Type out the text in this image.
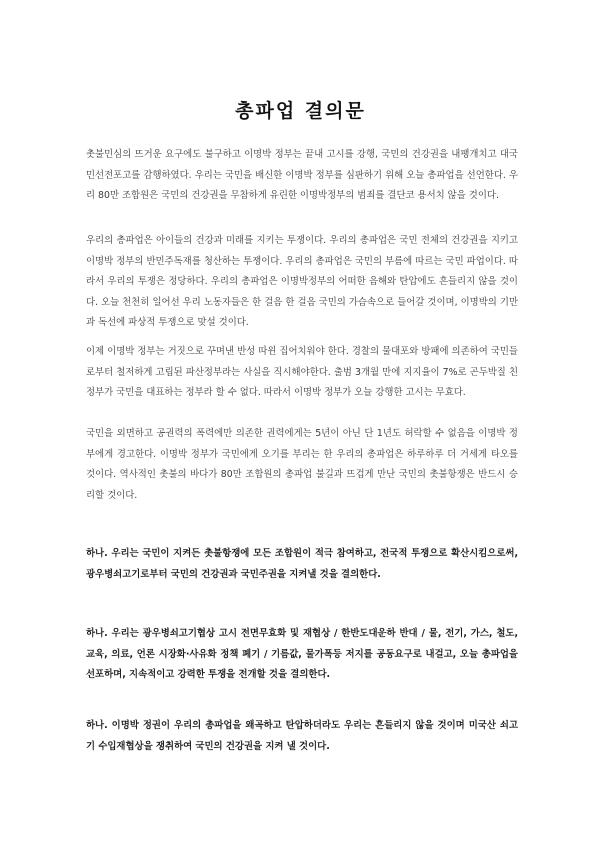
총파업 결의문

촛불민심의 뜨거운 요구에도 불구하고 이명박 정부는 끝내 고시를 강행, 국민의 건강권을 내팽개치고 대국민선전포고를 감행하였다. 우리는 국민을 배신한 이명박 정부를 심판하기 위해 오늘 총파업을 선언한다. 우리 80만 조합원은 국민의 건강권을 무참하게 유린한 이명박정부의 범죄를 결단코 용서치 않을 것이다.

우리의 총파업은 아이들의 건강과 미래를 지키는 투쟁이다. 우리의 총파업은 국민 전체의 건강권을 지키고 이명박 정부의 반민주독재를 청산하는 투쟁이다. 우리의 총파업은 국민의 부름에 따르는 국민 파업이다. 따라서 우리의 투쟁은 정당하다. 우리의 총파업은 이명박정부의 어떠한 음해와 탄압에도 흔들리지 않을 것이다. 오늘 천천히 일어선 우리 노동자들은 한 걸음 한 걸음 국민의 가슴속으로 들어갈 것이며, 이명박의 기만과 독선에 파상적 투쟁으로 맞설 것이다.

이제 이명박 정부는 거짓으로 꾸며낸 반성 따윈 집어치워야 한다. 경찰의 물대포와 방패에 의존하여 국민들로부터 철저하게 고립된 파산정부라는 사실을 직시해야한다. 출범 3개월 만에 지지율이 7%로 곤두박질 친 정부가 국민을 대표하는 정부라 할 수 없다. 따라서 이명박 정부가 오늘 강행한 고시는 무효다.

국민을 외면하고 공권력의 폭력에만 의존한 권력에게는 5년이 아닌 단 1년도 허락할 수 없음을 이명박 정부에게 경고한다. 이명박 정부가 국민에게 오기를 부리는 한 우리의 총파업은 하루하루 더 거세게 타오를 것이다. 역사적인 촛불의 바다가 80만 조합원의 총파업 불길과 뜨겁게 만난 국민의 촛불항쟁은 반드시 승리할 것이다.

하나. 우리는 국민이 지켜든 촛불항쟁에 모든 조합원이 적극 참여하고, 전국적 투쟁으로 확산시킴으로써, 광우병쇠고기로부터 국민의 건강권과 국민주권을 지켜낼 것을 결의한다.

하나. 우리는 광우병쇠고기협상 고시 전면무효화 및 재협상 / 한반도대운하 반대 / 물, 전기, 가스, 철도, 교육, 의료, 언론 시장화·사유화 정책 폐기 / 기름값, 물가폭등 저지를 공동요구로 내걸고, 오늘 총파업을 선포하며, 지속적이고 강력한 투쟁을 전개할 것을 결의한다.

하나. 이명박 정권이 우리의 총파업을 왜곡하고 탄압하더라도 우리는 흔들리지 않을 것이며 미국산 쇠고기 수입재협상을 쟁취하여 국민의 건강권을 지켜 낼 것이다.
